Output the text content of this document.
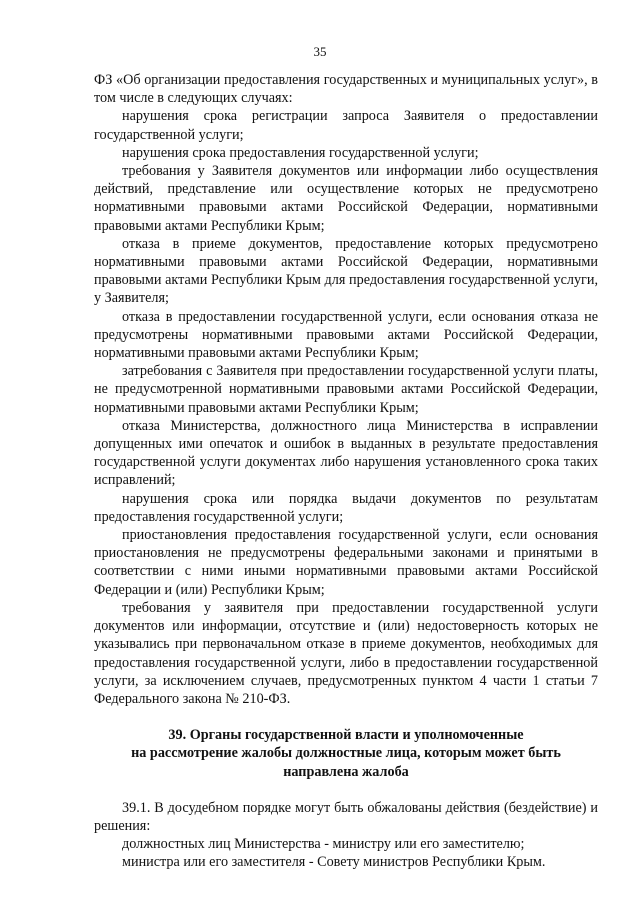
35

ФЗ «Об организации предоставления государственных и муниципальных услуг», в том числе в следующих случаях:

нарушения срока регистрации запроса Заявителя о предоставлении государственной услуги;

нарушения срока предоставления государственной услуги;

требования у Заявителя документов или информации либо осуществления действий, представление или осуществление которых не предусмотрено нормативными правовыми актами Российской Федерации, нормативными правовыми актами Республики Крым;

отказа в приеме документов, предоставление которых предусмотрено нормативными правовыми актами Российской Федерации, нормативными правовыми актами Республики Крым для предоставления государственной услуги, у Заявителя;

отказа в предоставлении государственной услуги, если основания отказа не предусмотрены нормативными правовыми актами Российской Федерации, нормативными правовыми актами Республики Крым;

затребования с Заявителя при предоставлении государственной услуги платы, не предусмотренной нормативными правовыми актами Российской Федерации, нормативными правовыми актами Республики Крым;

отказа Министерства, должностного лица Министерства в исправлении допущенных ими опечаток и ошибок в выданных в результате предоставления государственной услуги документах либо нарушения установленного срока таких исправлений;

нарушения срока или порядка выдачи документов по результатам предоставления государственной услуги;

приостановления предоставления государственной услуги, если основания приостановления не предусмотрены федеральными законами и принятыми в соответствии с ними иными нормативными правовыми актами Российской Федерации и (или) Республики Крым;

требования у заявителя при предоставлении государственной услуги документов или информации, отсутствие и (или) недостоверность которых не указывались при первоначальном отказе в приеме документов, необходимых для предоставления государственной услуги, либо в предоставлении государственной услуги, за исключением случаев, предусмотренных пунктом 4 части 1 статьи 7 Федерального закона № 210-ФЗ.

39. Органы государственной власти и уполномоченные
на рассмотрение жалобы должностные лица, которым может быть
направлена жалоба

39.1. В досудебном порядке могут быть обжалованы действия (бездействие) и решения:

должностных лиц Министерства - министру или его заместителю;

министра или его заместителя - Совету министров Республики Крым.
